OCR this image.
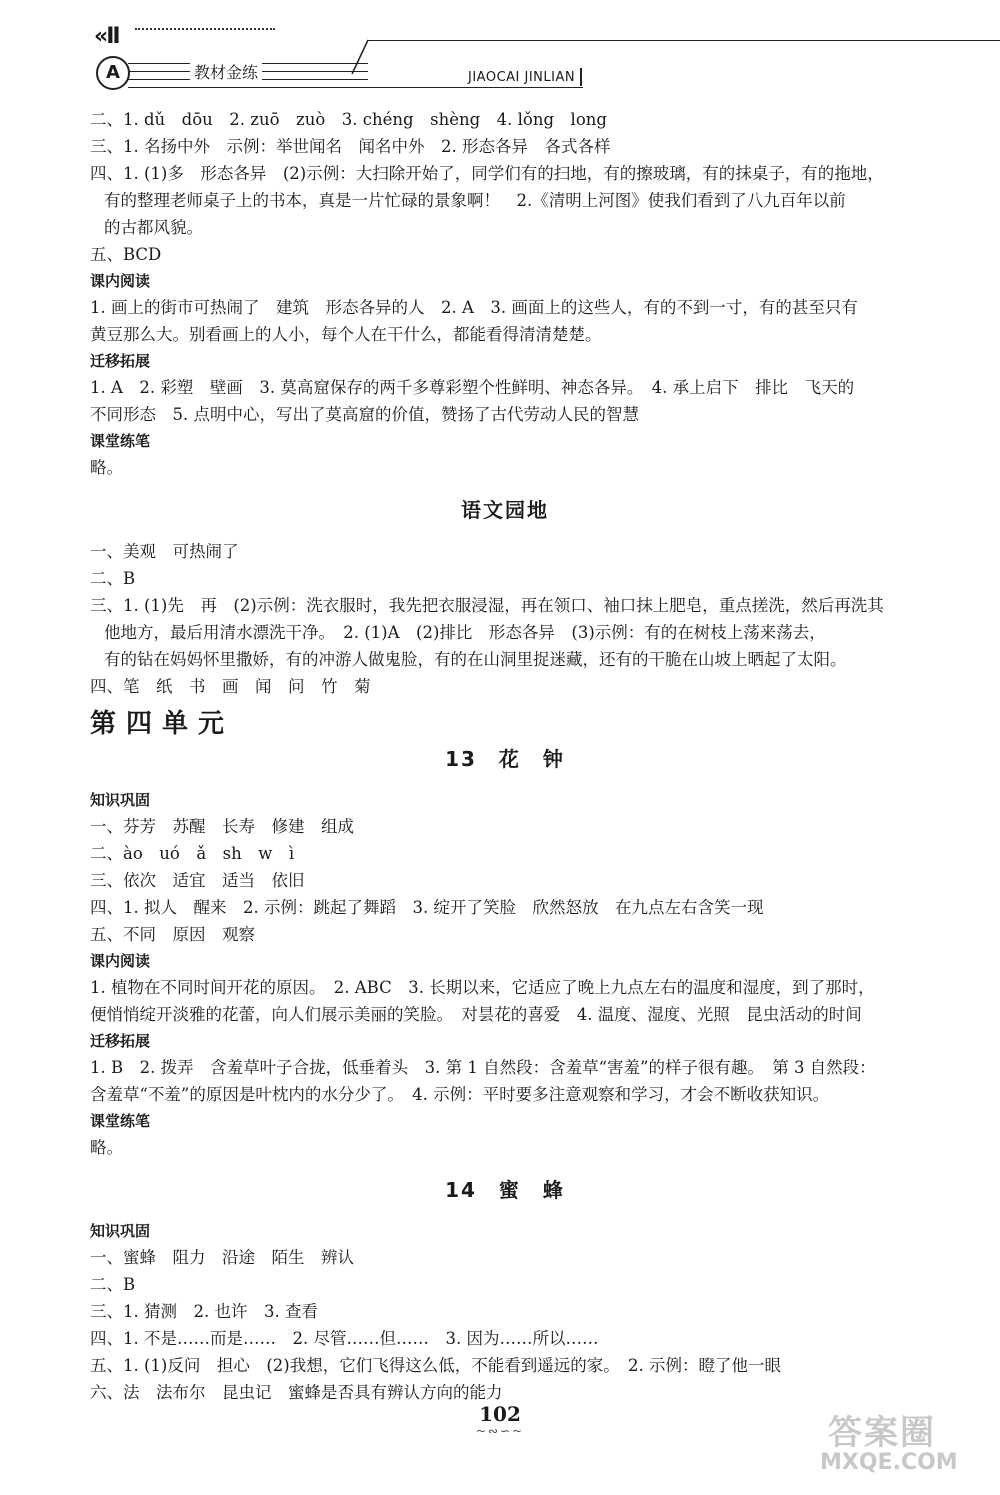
«II
A	教材金练	JIAOCAI JINLIAN
二、1. dǔ　dōu　2. zuō　zuò　3. chéng　shèng　4. lǒng　long
三、1. 名扬中外　示例：举世闻名　闻名中外　2. 形态各异　各式各样
四、1. (1)多　形态各异　(2)示例：大扫除开始了，同学们有的扫地，有的擦玻璃，有的抹桌子，有的拖地，
有的整理老师桌子上的书本，真是一片忙碌的景象啊！　2.《清明上河图》使我们看到了八九百年以前
的古都风貌。
五、BCD
课内阅读
1. 画上的街市可热闹了　建筑　形态各异的人　2. A　3. 画面上的这些人，有的不到一寸，有的甚至只有
黄豆那么大。别看画上的人小，每个人在干什么，都能看得清清楚楚。
迁移拓展
1. A　2. 彩塑　壁画　3. 莫高窟保存的两千多尊彩塑个性鲜明、神态各异。　4. 承上启下　排比　飞天的
不同形态　5. 点明中心，写出了莫高窟的价值，赞扬了古代劳动人民的智慧
课堂练笔
略。
语文园地
一、美观　可热闹了
二、B
三、1. (1)先　再　(2)示例：洗衣服时，我先把衣服浸湿，再在领口、袖口抹上肥皂，重点搓洗，然后再洗其
他地方，最后用清水漂洗干净。　2. (1)A　(2)排比　形态各异　(3)示例：有的在树枝上荡来荡去，
有的钻在妈妈怀里撒娇，有的冲游人做鬼脸，有的在山洞里捉迷藏，还有的干脆在山坡上晒起了太阳。
四、笔　纸　书　画　闻　问　竹　菊
第四单元
13　花　钟
知识巩固
一、芬芳　苏醒　长寿　修建　组成
二、ào　uó　ǎ　sh　w　ì
三、依次　适宜　适当　依旧
四、1. 拟人　醒来　2. 示例：跳起了舞蹈　3. 绽开了笑脸　欣然怒放　在九点左右含笑一现
五、不同　原因　观察
课内阅读
1. 植物在不同时间开花的原因。　2. ABC　3. 长期以来，它适应了晚上九点左右的温度和湿度，到了那时，
便悄悄绽开淡雅的花蕾，向人们展示美丽的笑脸。　对昙花的喜爱　4. 温度、湿度、光照　昆虫活动的时间
迁移拓展
1. B　2. 拨弄　含羞草叶子合拢，低垂着头　3. 第 1 自然段：含羞草“害羞”的样子很有趣。　第 3 自然段：
含羞草“不羞”的原因是叶枕内的水分少了。　4. 示例：平时要多注意观察和学习，才会不断收获知识。
课堂练笔
略。
14　蜜　蜂
知识巩固
一、蜜蜂　阻力　沿途　陌生　辨认
二、B
三、1. 猜测　2. 也许　3. 查看
四、1. 不是……而是……　2. 尽管……但……　3. 因为……所以……
五、1. (1)反问　担心　(2)我想，它们飞得这么低，不能看到遥远的家。　2. 示例：瞪了他一眼
六、法　法布尔　昆虫记　蜜蜂是否具有辨认方向的能力
102
~∾∽~	答案圈
MXQE.COM
